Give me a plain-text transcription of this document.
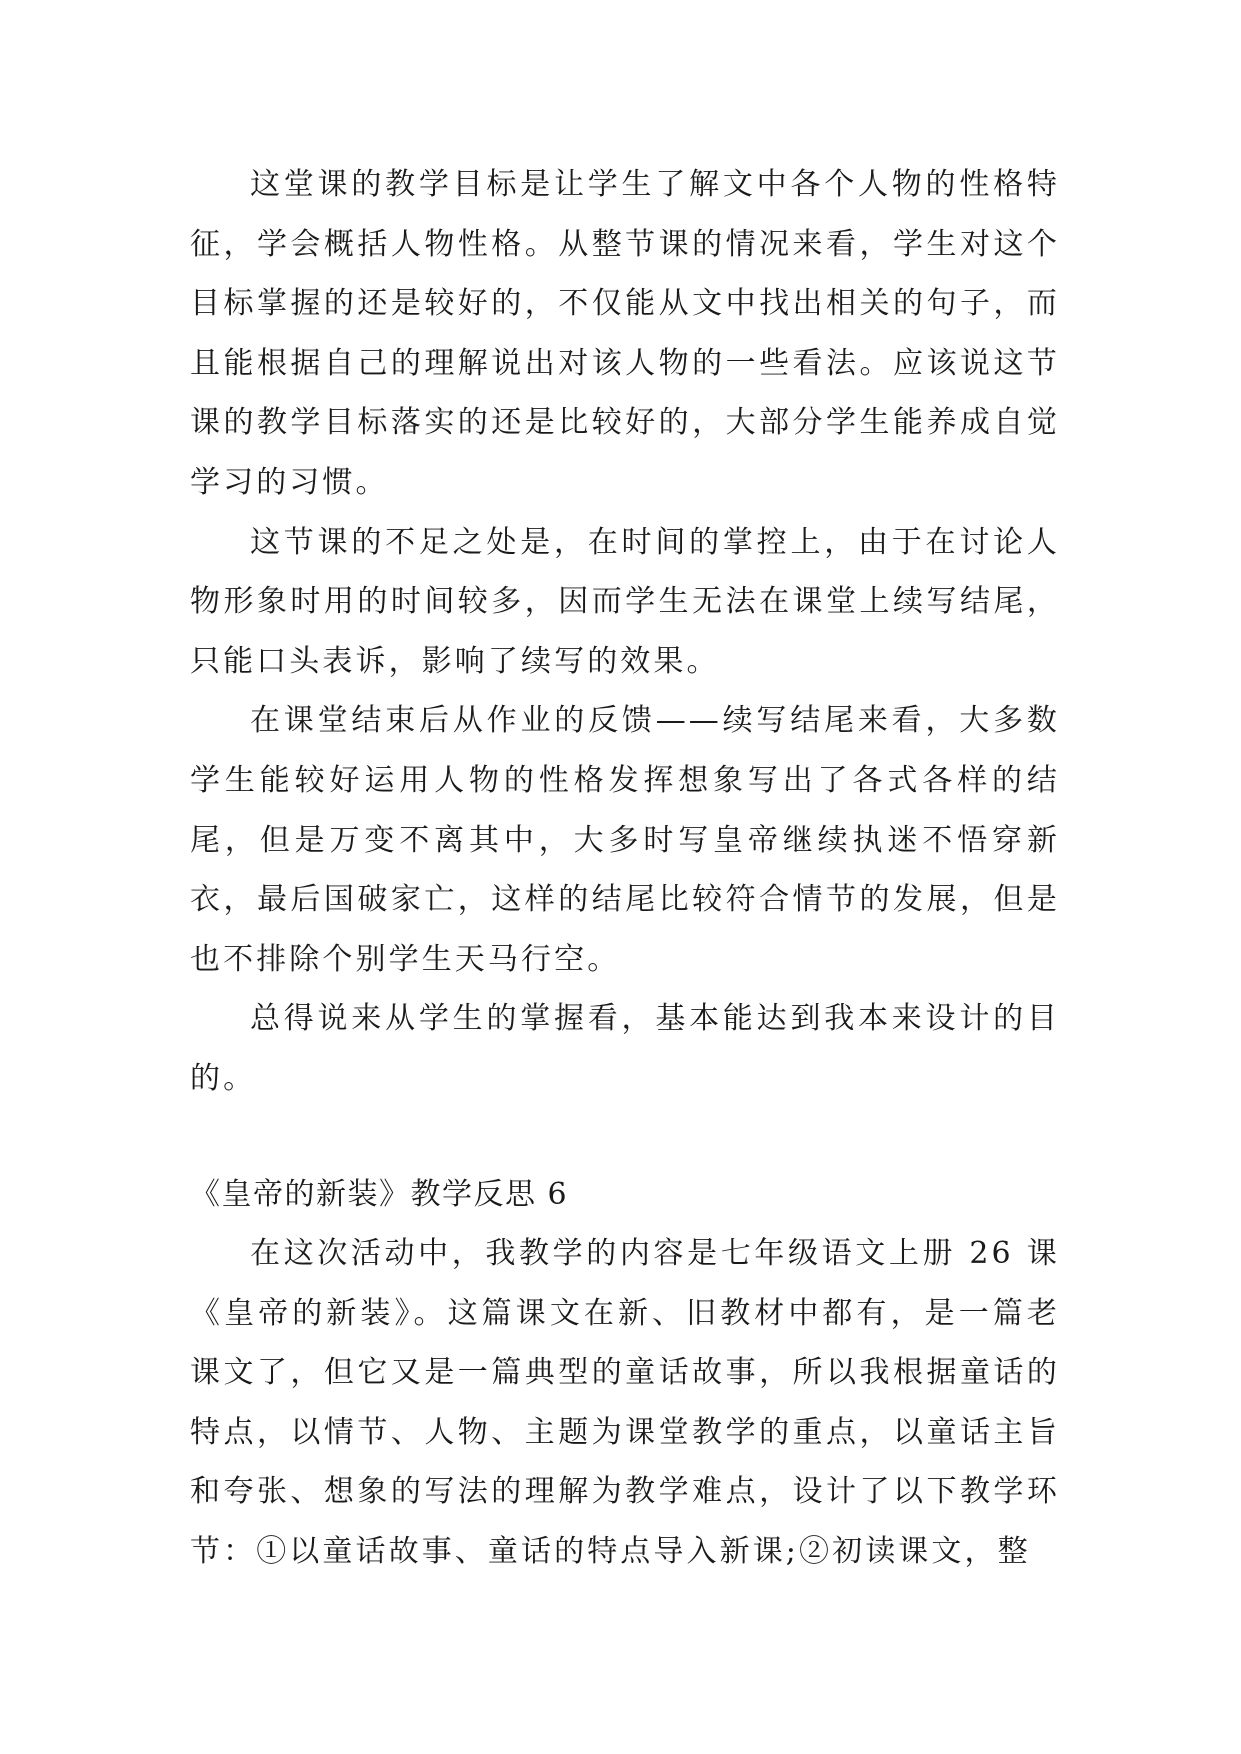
这堂课的教学目标是让学生了解文中各个人物的性格特征，学会概括人物性格。从整节课的情况来看，学生对这个目标掌握的还是较好的，不仅能从文中找出相关的句子，而且能根据自己的理解说出对该人物的一些看法。应该说这节课的教学目标落实的还是比较好的，大部分学生能养成自觉学习的习惯。

这节课的不足之处是，在时间的掌控上，由于在讨论人物形象时用的时间较多，因而学生无法在课堂上续写结尾，只能口头表诉，影响了续写的效果。

在课堂结束后从作业的反馈——续写结尾来看，大多数学生能较好运用人物的性格发挥想象写出了各式各样的结尾，但是万变不离其中，大多时写皇帝继续执迷不悟穿新衣，最后国破家亡，这样的结尾比较符合情节的发展，但是也不排除个别学生天马行空。

总得说来从学生的掌握看，基本能达到我本来设计的目的。

《皇帝的新装》教学反思 6

在这次活动中，我教学的内容是七年级语文上册 26 课《皇帝的新装》。这篇课文在新、旧教材中都有，是一篇老课文了，但它又是一篇典型的童话故事，所以我根据童话的特点，以情节、人物、主题为课堂教学的重点，以童话主旨和夸张、想象的写法的理解为教学难点，设计了以下教学环节：①以童话故事、童话的特点导入新课;②初读课文，整
